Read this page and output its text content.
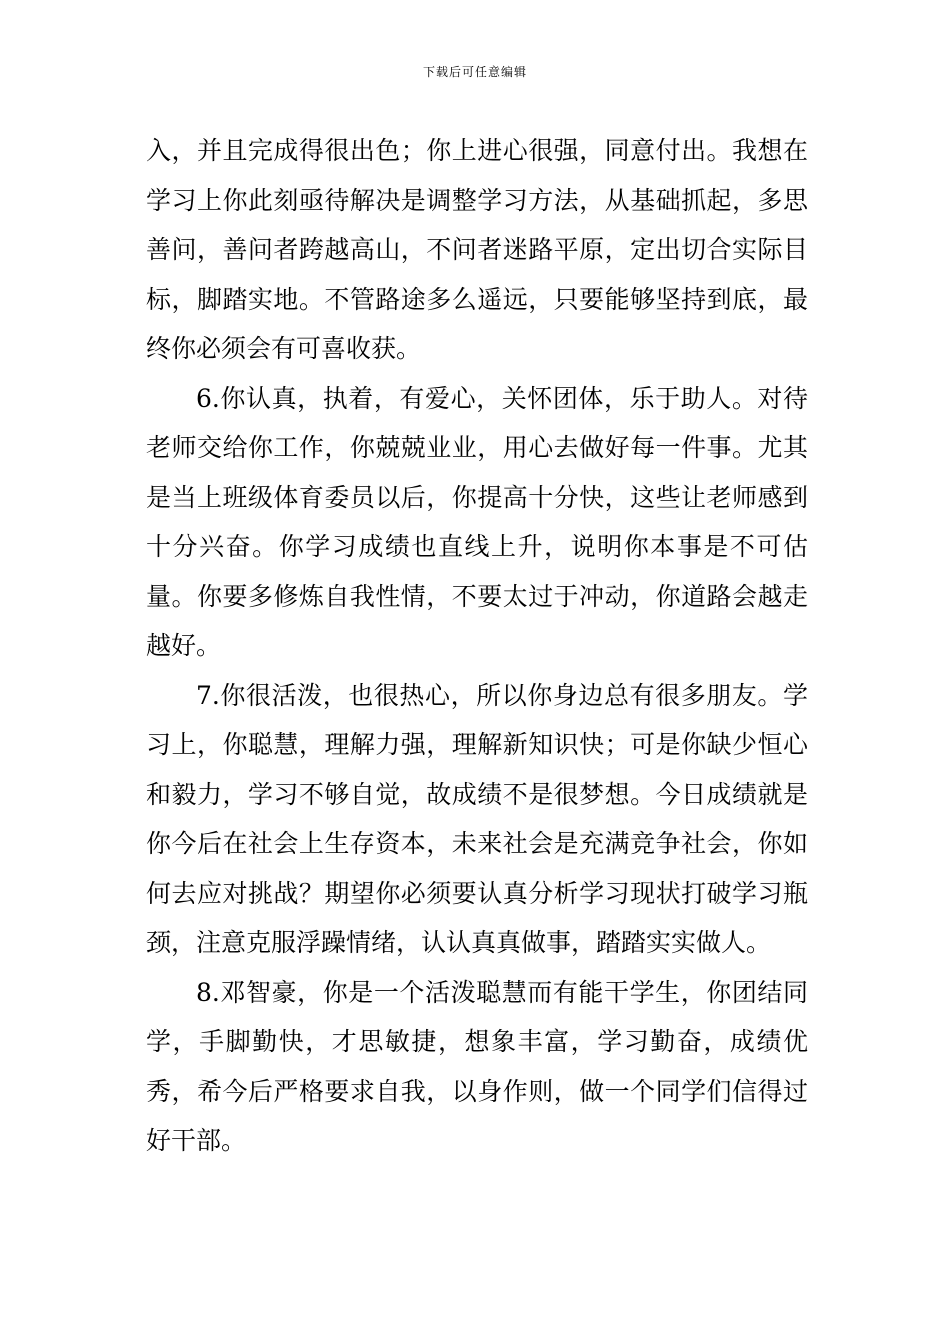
下载后可任意编辑

入，并且完成得很出色；你上进心很强，同意付出。我想在学习上你此刻亟待解决是调整学习方法，从基础抓起，多思善问，善问者跨越高山，不问者迷路平原，定出切合实际目标，脚踏实地。不管路途多么遥远，只要能够坚持到底，最终你必须会有可喜收获。

6.你认真，执着，有爱心，关怀团体，乐于助人。对待老师交给你工作，你兢兢业业，用心去做好每一件事。尤其是当上班级体育委员以后，你提高十分快，这些让老师感到十分兴奋。你学习成绩也直线上升，说明你本事是不可估量。你要多修炼自我性情，不要太过于冲动，你道路会越走越好。

7.你很活泼，也很热心，所以你身边总有很多朋友。学习上，你聪慧，理解力强，理解新知识快；可是你缺少恒心和毅力，学习不够自觉，故成绩不是很梦想。今日成绩就是你今后在社会上生存资本，未来社会是充满竞争社会，你如何去应对挑战？期望你必须要认真分析学习现状打破学习瓶颈，注意克服浮躁情绪，认认真真做事，踏踏实实做人。

8.邓智豪，你是一个活泼聪慧而有能干学生，你团结同学，手脚勤快，才思敏捷，想象丰富，学习勤奋，成绩优秀，希今后严格要求自我，以身作则，做一个同学们信得过好干部。
